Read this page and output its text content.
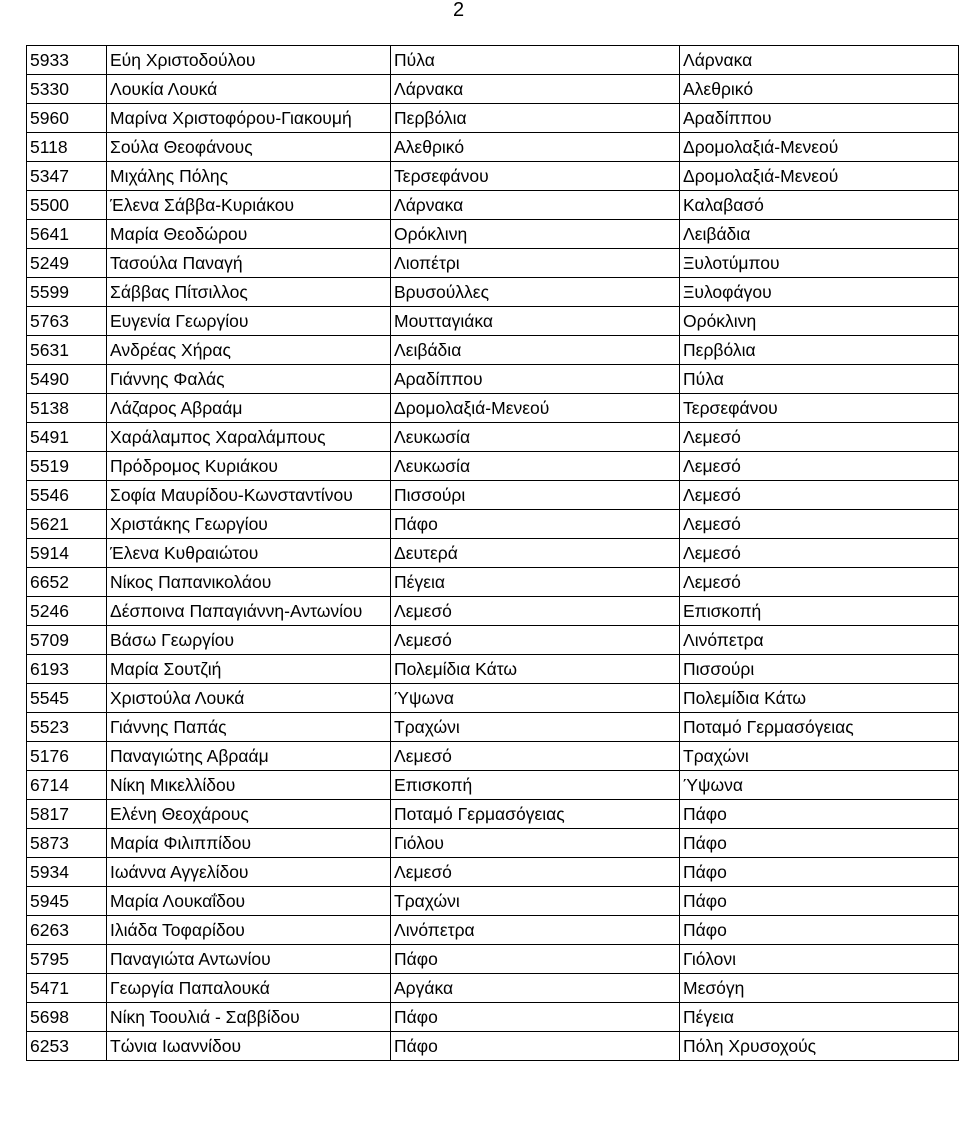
2
5933	Εύη Χριστοδούλου	Πύλα	Λάρνακα
5330	Λουκία Λουκά	Λάρνακα	Αλεθρικό
5960	Μαρίνα Χριστοφόρου-Γιακουμή	Περβόλια	Αραδίππου
5118	Σούλα Θεοφάνους	Αλεθρικό	Δρομολαξιά-Μενεού
5347	Μιχάλης Πόλης	Τερσεφάνου	Δρομολαξιά-Μενεού
5500	Έλενα Σάββα-Κυριάκου	Λάρνακα	Καλαβασό
5641	Μαρία Θεοδώρου	Ορόκλινη	Λειβάδια
5249	Τασούλα Παναγή	Λιοπέτρι	Ξυλοτύμπου
5599	Σάββας Πίτσιλλος	Βρυσούλλες	Ξυλοφάγου
5763	Ευγενία Γεωργίου	Μουτταγιάκα	Ορόκλινη
5631	Ανδρέας Χήρας	Λειβάδια	Περβόλια
5490	Γιάννης Φαλάς	Αραδίππου	Πύλα
5138	Λάζαρος Αβραάμ	Δρομολαξιά-Μενεού	Τερσεφάνου
5491	Χαράλαμπος Χαραλάμπους	Λευκωσία	Λεμεσό
5519	Πρόδρομος Κυριάκου	Λευκωσία	Λεμεσό
5546	Σοφία Μαυρίδου-Κωνσταντίνου	Πισσούρι	Λεμεσό
5621	Χριστάκης Γεωργίου	Πάφο	Λεμεσό
5914	Έλενα Κυθραιώτου	Δευτερά	Λεμεσό
6652	Νίκος Παπανικολάου	Πέγεια	Λεμεσό
5246	Δέσποινα Παπαγιάννη-Αντωνίου	Λεμεσό	Επισκοπή
5709	Βάσω Γεωργίου	Λεμεσό	Λινόπετρα
6193	Μαρία Σουτζιή	Πολεμίδια Κάτω	Πισσούρι
5545	Χριστούλα Λουκά	Ύψωνα	Πολεμίδια Κάτω
5523	Γιάννης Παπάς	Τραχώνι	Ποταμό Γερμασόγειας
5176	Παναγιώτης Αβραάμ	Λεμεσό	Τραχώνι
6714	Νίκη Μικελλίδου	Επισκοπή	Ύψωνα
5817	Ελένη Θεοχάρους	Ποταμό Γερμασόγειας	Πάφο
5873	Μαρία Φιλιππίδου	Γιόλου	Πάφο
5934	Ιωάννα Αγγελίδου	Λεμεσό	Πάφο
5945	Μαρία Λουκαΐδου	Τραχώνι	Πάφο
6263	Ιλιάδα Τοφαρίδου	Λινόπετρα	Πάφο
5795	Παναγιώτα Αντωνίου	Πάφο	Γιόλονι
5471	Γεωργία Παπαλουκά	Αργάκα	Μεσόγη
5698	Νίκη Τοουλιά - Σαββίδου	Πάφο	Πέγεια
6253	Τώνια Ιωαννίδου	Πάφο	Πόλη Χρυσοχούς
